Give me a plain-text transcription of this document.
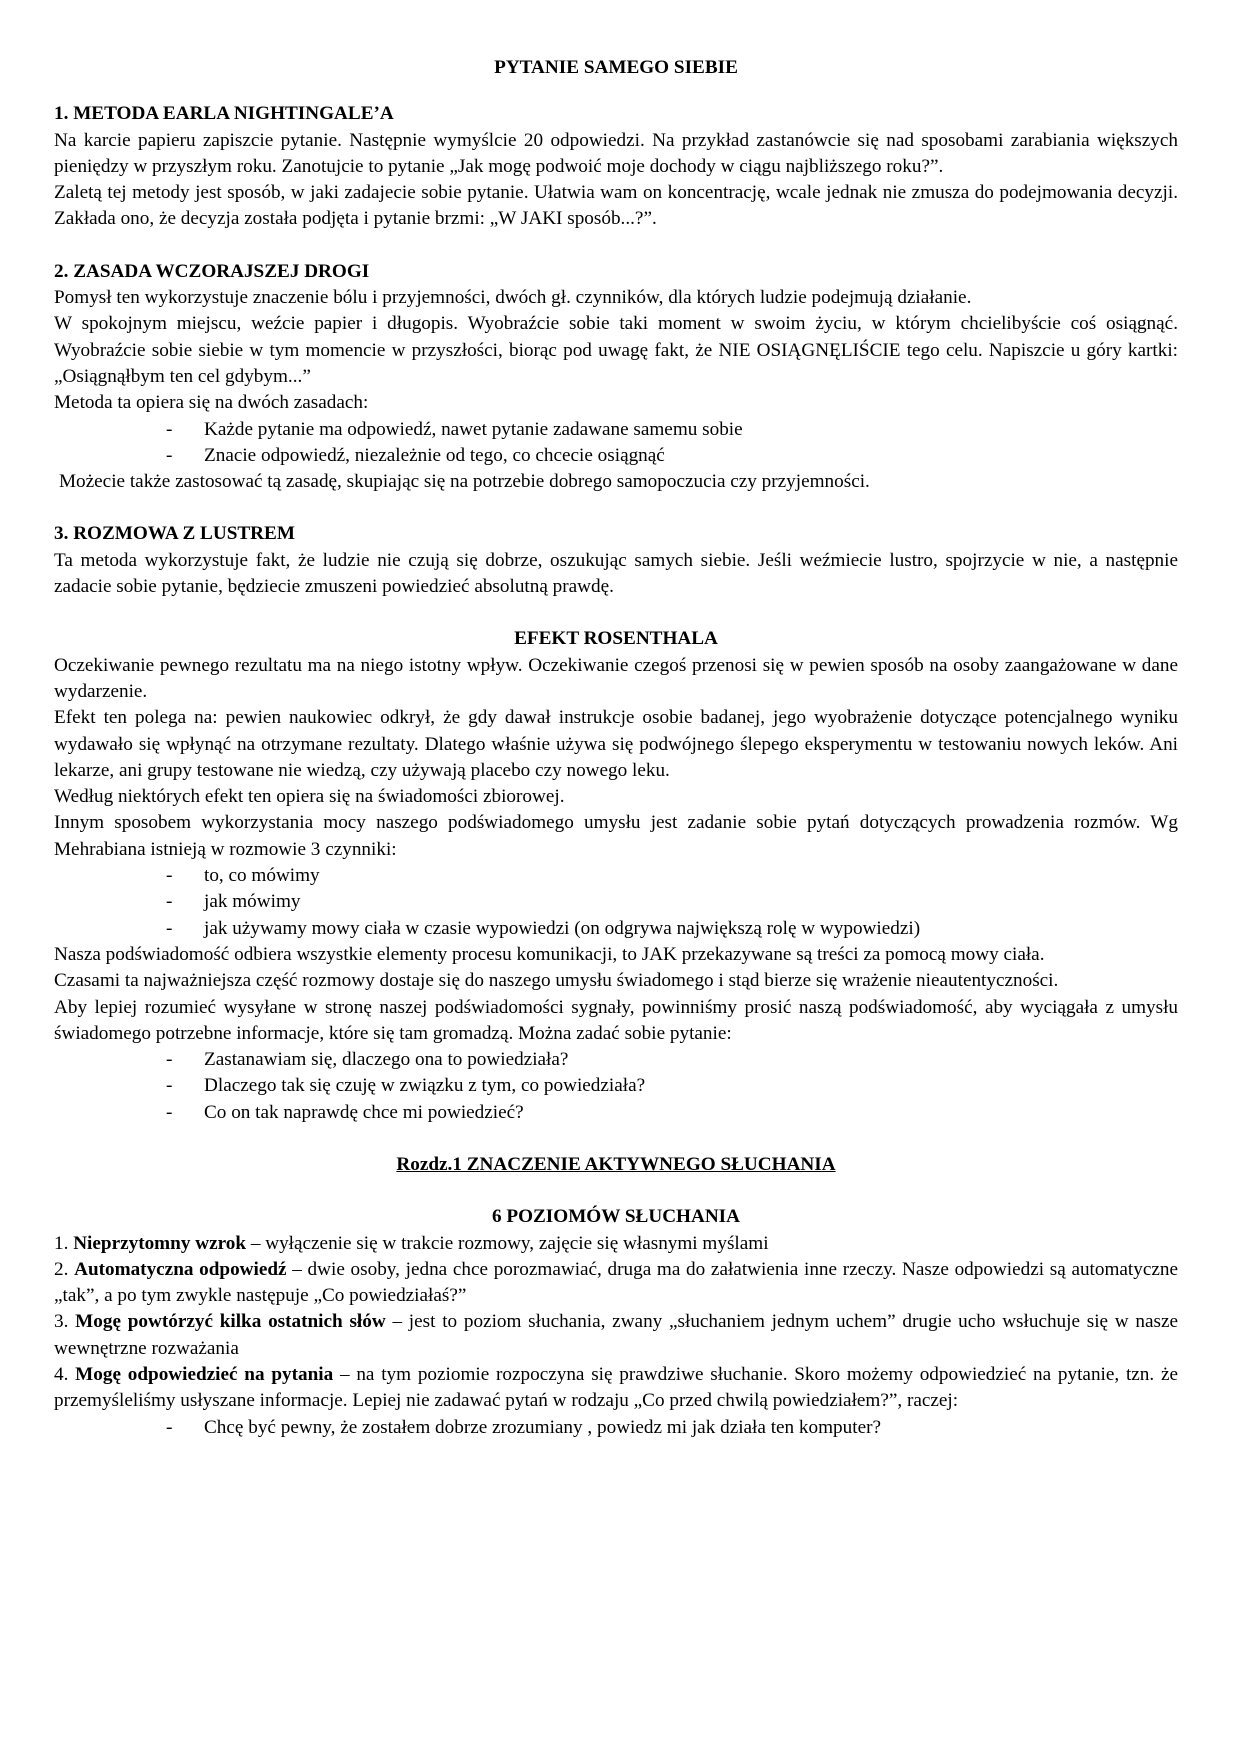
PYTANIE SAMEGO SIEBIE

1. METODA EARLA NIGHTINGALE’A

Na karcie papieru zapiszcie pytanie. Następnie wymyślcie 20 odpowiedzi. Na przykład zastanówcie się nad sposobami zarabiania większych pieniędzy w przyszłym roku. Zanotujcie to pytanie „Jak mogę podwoić moje dochody w ciągu najbliższego roku?”.

Zaletą tej metody jest sposób, w jaki zadajecie sobie pytanie. Ułatwia wam on koncentrację, wcale jednak nie zmusza do podejmowania decyzji. Zakłada ono, że decyzja została podjęta i pytanie brzmi: „W JAKI sposób...?”.

2. ZASADA WCZORAJSZEJ DROGI

Pomysł ten wykorzystuje znaczenie bólu i przyjemności, dwóch gł. czynników, dla których ludzie podejmują działanie.

W spokojnym miejscu, weźcie papier i długopis. Wyobraźcie sobie taki moment w swoim życiu, w którym chcielibyście coś osiągnąć. Wyobraźcie sobie siebie w tym momencie w przyszłości, biorąc pod uwagę fakt, że NIE OSIĄGNĘLIŚCIE tego celu. Napiszcie u góry kartki: „Osiągnąłbym ten cel gdybym...”

Metoda ta opiera się na dwóch zasadach:

-	Każde pytanie ma odpowiedź, nawet pytanie zadawane samemu sobie
-	Znacie odpowiedź, niezależnie od tego, co chcecie osiągnąć

Możecie także zastosować tą zasadę, skupiając się na potrzebie dobrego samopoczucia czy przyjemności.

3. ROZMOWA Z LUSTREM

Ta metoda wykorzystuje fakt, że ludzie nie czują się dobrze, oszukując samych siebie. Jeśli weźmiecie lustro, spojrzycie w nie, a następnie zadacie sobie pytanie, będziecie zmuszeni powiedzieć absolutną prawdę.

EFEKT ROSENTHALA

Oczekiwanie pewnego rezultatu ma na niego istotny wpływ. Oczekiwanie czegoś przenosi się w pewien sposób na osoby zaangażowane w dane wydarzenie.

Efekt ten polega na: pewien naukowiec odkrył, że gdy dawał instrukcje osobie badanej, jego wyobrażenie dotyczące potencjalnego wyniku wydawało się wpłynąć na otrzymane rezultaty. Dlatego właśnie używa się podwójnego ślepego eksperymentu w testowaniu nowych leków. Ani lekarze, ani grupy testowane nie wiedzą, czy używają placebo czy nowego leku.

Według niektórych efekt ten opiera się na świadomości zbiorowej.

Innym sposobem wykorzystania mocy naszego podświadomego umysłu jest zadanie sobie pytań dotyczących prowadzenia rozmów. Wg Mehrabiana istnieją w rozmowie 3 czynniki:

-	to, co mówimy
-	jak mówimy
-	jak używamy mowy ciała w czasie wypowiedzi (on odgrywa największą rolę w wypowiedzi)

Nasza podświadomość odbiera wszystkie elementy procesu komunikacji, to JAK przekazywane są treści za pomocą mowy ciała.

Czasami ta najważniejsza część rozmowy dostaje się do naszego umysłu świadomego i stąd bierze się wrażenie nieautentyczności.

Aby lepiej rozumieć wysyłane w stronę naszej podświadomości sygnały, powinniśmy prosić naszą podświadomość, aby wyciągała z umysłu świadomego potrzebne informacje, które się tam gromadzą. Można zadać sobie pytanie:

-	Zastanawiam się, dlaczego ona to powiedziała?
-	Dlaczego tak się czuję w związku z tym, co powiedziała?
-	Co on tak naprawdę chce mi powiedzieć?

Rozdz.1 ZNACZENIE AKTYWNEGO SŁUCHANIA

6 POZIOMÓW SŁUCHANIA

1. Nieprzytomny wzrok – wyłączenie się w trakcie rozmowy, zajęcie się własnymi myślami

2. Automatyczna odpowiedź – dwie osoby, jedna chce porozmawiać, druga ma do załatwienia inne rzeczy. Nasze odpowiedzi są automatyczne „tak”, a po tym zwykle następuje „Co powiedziałaś?”

3. Mogę powtórzyć kilka ostatnich słów – jest to poziom słuchania, zwany „słuchaniem jednym uchem” drugie ucho wsłuchuje się w nasze wewnętrzne rozważania

4. Mogę odpowiedzieć na pytania – na tym poziomie rozpoczyna się prawdziwe słuchanie. Skoro możemy odpowiedzieć na pytanie, tzn. że przemyśleliśmy usłyszane informacje. Lepiej nie zadawać pytań w rodzaju „Co przed chwilą powiedziałem?”, raczej:

-	Chcę być pewny, że zostałem dobrze zrozumiany , powiedz mi jak działa ten komputer?
